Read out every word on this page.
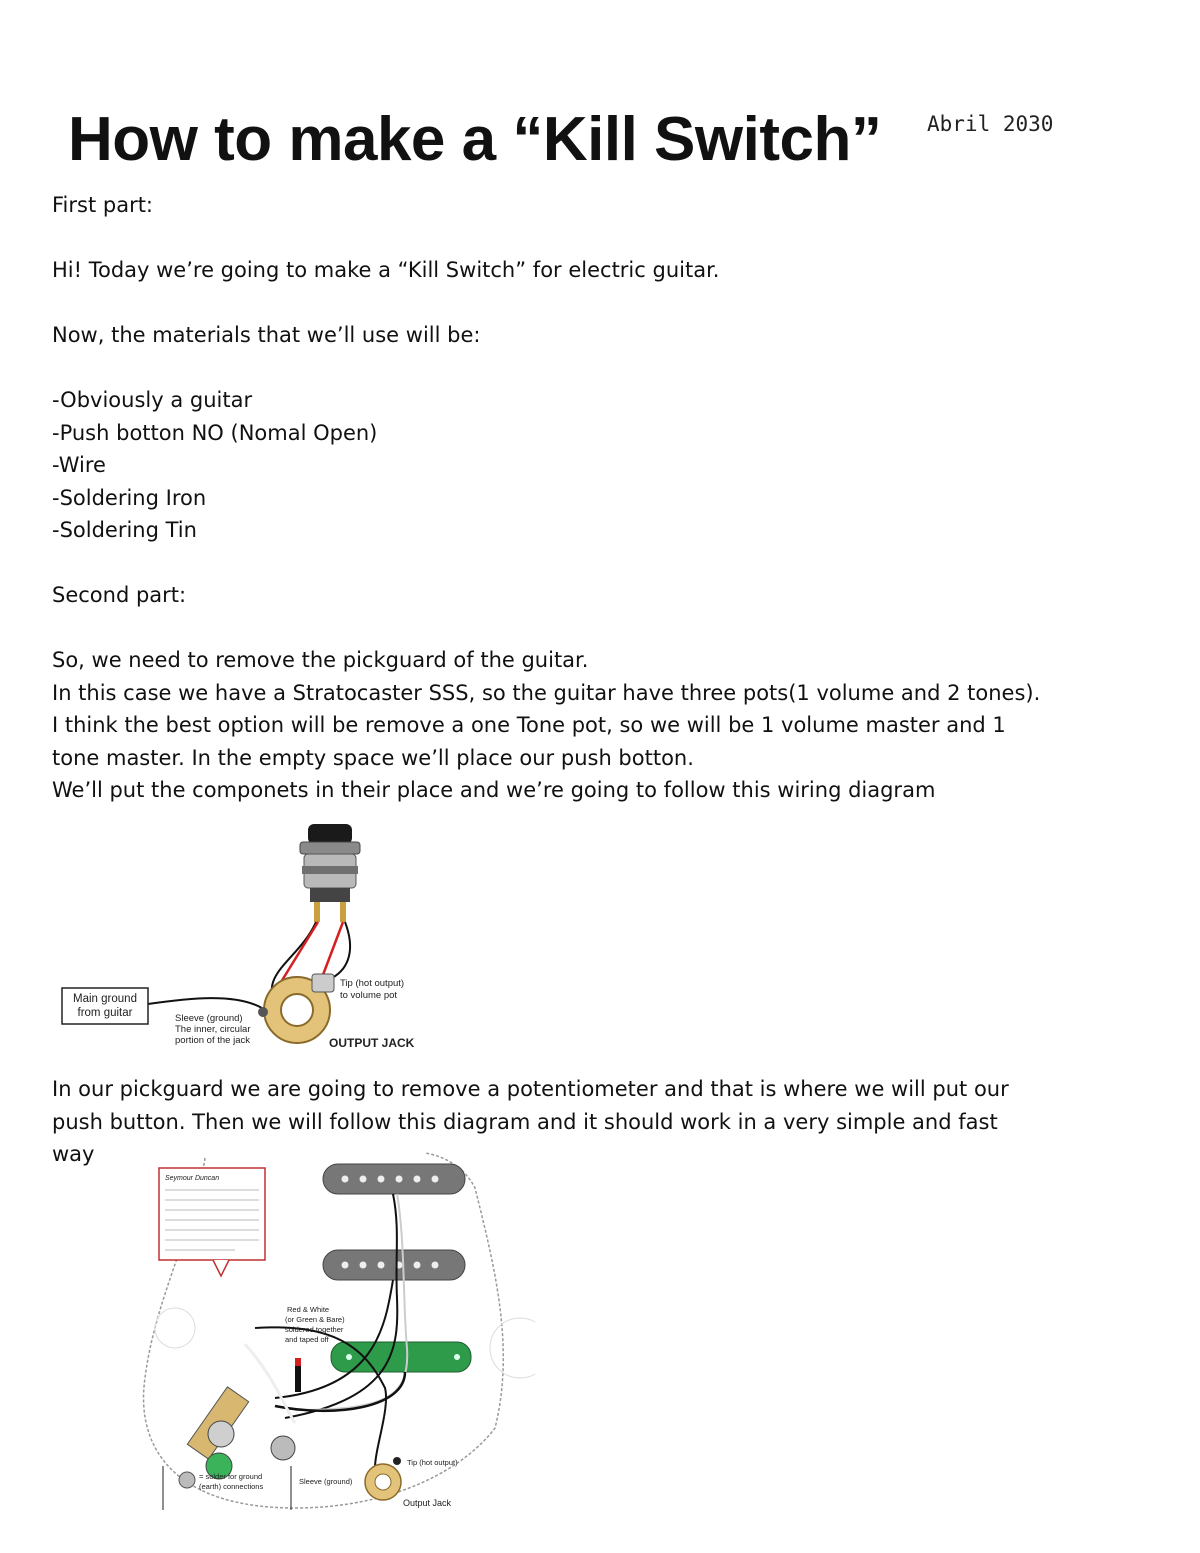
How to make a “Kill Switch” Abril 2030

First part:

Hi! Today we’re going to make a “Kill Switch” for electric guitar.

Now, the materials that we’ll use will be:

-Obviously a guitar

-Push botton NO (Nomal Open)

-Wire

-Soldering Iron

-Soldering Tin

Second part:

So, we need to remove the pickguard of the guitar.

In this case we have a Stratocaster SSS, so the guitar have three pots(1 volume and 2 tones).

I think the best option will be remove a one Tone pot, so we will be 1 volume master and 1

tone master. In the empty space we’ll place our push botton.

We’ll put the componets in their place and we’re going to follow this wiring diagram

Main ground
from guitar
Tip (hot output)
to volume pot
Sleeve (ground)
The inner, circular
portion of the jack	OUTPUT JACK

In our pickguard we are going to remove a potentiometer and that is where we will put our

push button. Then we will follow this diagram and it should work in a very simple and fast

way

Seymour Duncan
Red & White
(or Green & Bare)
soldered together
and taped off
Tip (hot output)
Output Jack
= solder for ground
(earth) connections
Sleeve (ground)
